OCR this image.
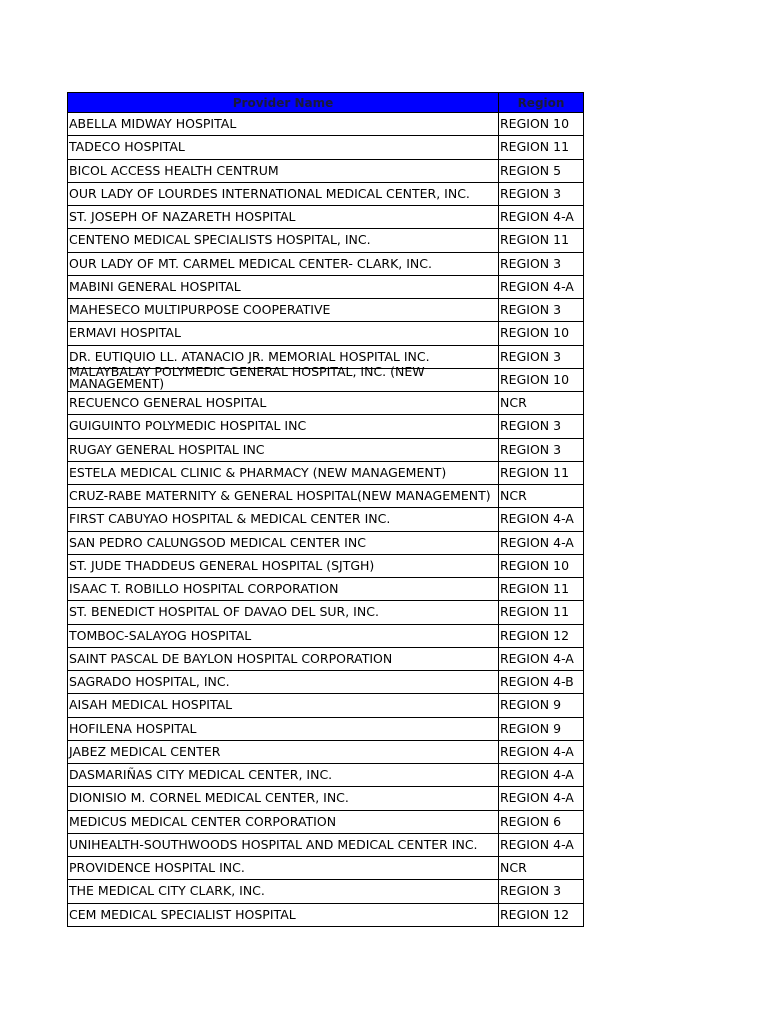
Provider Name	Region
ABELLA MIDWAY HOSPITAL	REGION 10
TADECO HOSPITAL	REGION 11
BICOL ACCESS HEALTH CENTRUM	REGION 5
OUR LADY OF LOURDES INTERNATIONAL MEDICAL CENTER, INC.	REGION 3
ST. JOSEPH OF NAZARETH HOSPITAL	REGION 4-A
CENTENO MEDICAL SPECIALISTS HOSPITAL, INC.	REGION 11
OUR LADY OF MT. CARMEL MEDICAL CENTER- CLARK, INC.	REGION 3
MABINI GENERAL HOSPITAL	REGION 4-A
MAHESECO MULTIPURPOSE COOPERATIVE	REGION 3
ERMAVI HOSPITAL	REGION 10
DR. EUTIQUIO LL. ATANACIO JR. MEMORIAL HOSPITAL INC.	REGION 3
MALAYBALAY POLYMEDIC GENERAL HOSPITAL, INC. (NEW MANAGEMENT)	REGION 10
RECUENCO GENERAL HOSPITAL	NCR
GUIGUINTO POLYMEDIC HOSPITAL INC	REGION 3
RUGAY GENERAL HOSPITAL INC	REGION 3
ESTELA MEDICAL CLINIC & PHARMACY (NEW MANAGEMENT)	REGION 11
CRUZ-RABE MATERNITY & GENERAL HOSPITAL(NEW MANAGEMENT) NCR
FIRST CABUYAO HOSPITAL & MEDICAL CENTER INC.	REGION 4-A
SAN PEDRO CALUNGSOD MEDICAL CENTER INC	REGION 4-A
ST. JUDE THADDEUS GENERAL HOSPITAL (SJTGH)	REGION 10
ISAAC T. ROBILLO HOSPITAL CORPORATION	REGION 11
ST. BENEDICT HOSPITAL OF DAVAO DEL SUR, INC.	REGION 11
TOMBOC-SALAYOG HOSPITAL	REGION 12
SAINT PASCAL DE BAYLON HOSPITAL CORPORATION	REGION 4-A
SAGRADO HOSPITAL, INC.	REGION 4-B
AISAH MEDICAL HOSPITAL	REGION 9
HOFILENA HOSPITAL	REGION 9
JABEZ MEDICAL CENTER	REGION 4-A
DASMARIÑAS CITY MEDICAL CENTER, INC.	REGION 4-A
DIONISIO M. CORNEL MEDICAL CENTER, INC.	REGION 4-A
MEDICUS MEDICAL CENTER CORPORATION	REGION 6
UNIHEALTH-SOUTHWOODS HOSPITAL AND MEDICAL CENTER INC.	REGION 4-A
PROVIDENCE HOSPITAL INC.	NCR
THE MEDICAL CITY CLARK, INC.	REGION 3
CEM MEDICAL SPECIALIST HOSPITAL	REGION 12
